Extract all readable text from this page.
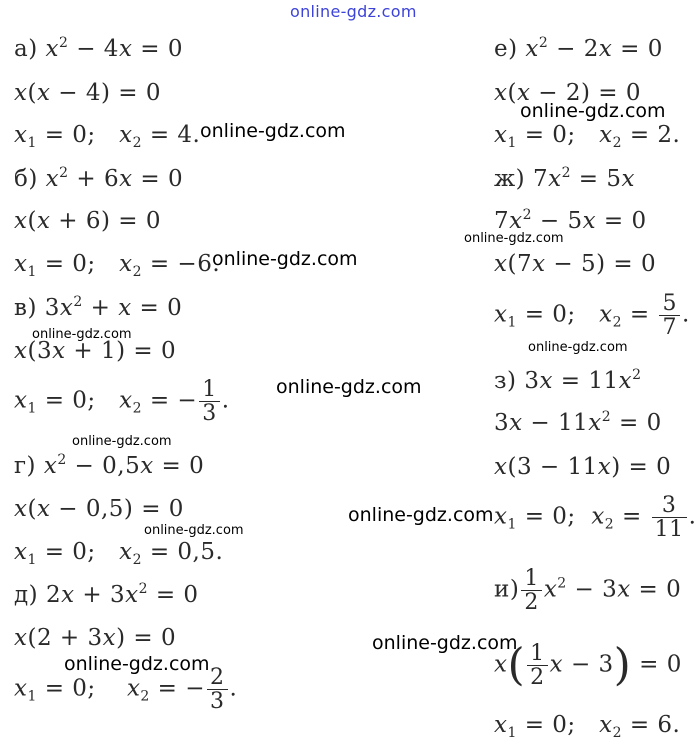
online-gdz.com
а) $x^2 - 4x = 0$
x(x − 4) = 0
$x_1 = 0$;   $x_2 = 4$.
б) $x^2 + 6x = 0$
x(x + 6) = 0
$x_1 = 0$;   $x_2 = -6$.
в) $3x^2 + x = 0$
x(3x + 1) = 0
$x_1 = 0$;   $x_2$ = − $\frac{1}{3}$ .
г) $x^2 - 0,5x = 0$
x(x − 0,5) = 0
$x_1 = 0$;   $x_2 = 0,5$.
д) $2x + 3x^2 = 0$
x(2 + 3x) = 0
$x_1 = 0$;    $x_2$ = − $\frac{2}{3}$ .
е) $x^2 - 2x = 0$
x(x − 2) = 0
$x_1 = 0$;   $x_2 = 2$.
ж) $7x^2 = 5x$
$7x^2 - 5x = 0$
x(7x − 5) = 0
$x_1 = 0$;   $x_2 = \frac{5}{7}$ .
з) $3x = 11x^2$
$3x - 11x^2 = 0$
x(3 − 11x) = 0
$x_1 = 0$;  $x_2 = \frac{3}{11}$ .
$и) \frac{1}{2} x^2 - 3x = 0$
$x( \frac{1}{2}$ x − 3) = 0
$x_1 = 0$;   $x_2 = 6$.
online-gdz.com
online-gdz.com
online-gdz.com
online-gdz.com
online-gdz.com
online-gdz.com
online-gdz.com
online-gdz.com
online-gdz.com
online-gdz.com
online-gdz.com
online-gdz.com
